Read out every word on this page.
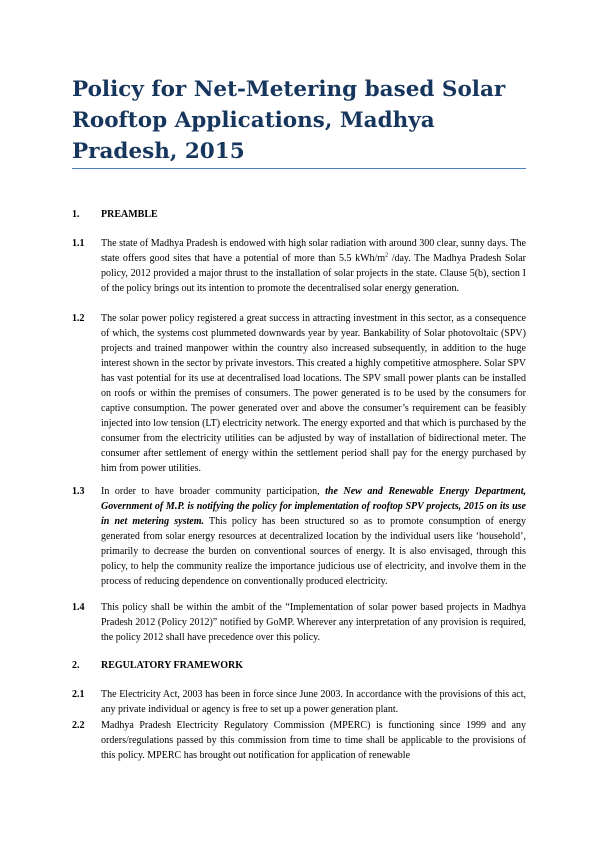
Policy for Net-Metering based Solar Rooftop Applications, Madhya Pradesh, 2015
1. PREAMBLE
1.1	The state of Madhya Pradesh is endowed with high solar radiation with around 300 clear, sunny days. The state offers good sites that have a potential of more than 5.5 kWh/$m^2$ /day. The Madhya Pradesh Solar policy, 2012 provided a major thrust to the installation of solar projects in the state. Clause 5(b), section I of the policy brings out its intention to promote the decentralised solar energy generation.
1.2	The solar power policy registered a great success in attracting investment in this sector, as a consequence of which, the systems cost plummeted downwards year by year. Bankability of Solar photovoltaic (SPV) projects and trained manpower within the country also increased subsequently, in addition to the huge interest shown in the sector by private investors. This created a highly competitive atmosphere. Solar SPV has vast potential for its use at decentralised load locations. The SPV small power plants can be installed on roofs or within the premises of consumers. The power generated is to be used by the consumers for captive consumption. The power generated over and above the consumer’s requirement can be feasibly injected into low tension (LT) electricity network. The energy exported and that which is purchased by the consumer from the electricity utilities can be adjusted by way of installation of bidirectional meter. The consumer after settlement of energy within the settlement period shall pay for the energy purchased by him from power utilities.
1.3	In order to have broader community participation, the New and Renewable Energy Department, Government of M.P. is notifying the policy for implementation of rooftop SPV projects, 2015 on its use in net metering system. This policy has been structured so as to promote consumption of energy generated from solar energy resources at decentralized location by the individual users like ‘household’, primarily to decrease the burden on conventional sources of energy. It is also envisaged, through this policy, to help the community realize the importance judicious use of electricity, and involve them in the process of reducing dependence on conventionally produced electricity.
1.4	This policy shall be within the ambit of the “Implementation of solar power based projects in Madhya Pradesh 2012 (Policy 2012)” notified by GoMP. Wherever any interpretation of any provision is required, the policy 2012 shall have precedence over this policy.
2. REGULATORY FRAMEWORK
2.1	The Electricity Act, 2003 has been in force since June 2003. In accordance with the provisions of this act, any private individual or agency is free to set up a power generation plant.
2.2	Madhya Pradesh Electricity Regulatory Commission (MPERC) is functioning since 1999 and any orders/regulations passed by this commission from time to time shall be applicable to the provisions of this policy. MPERC has brought out notification for application of renewable
